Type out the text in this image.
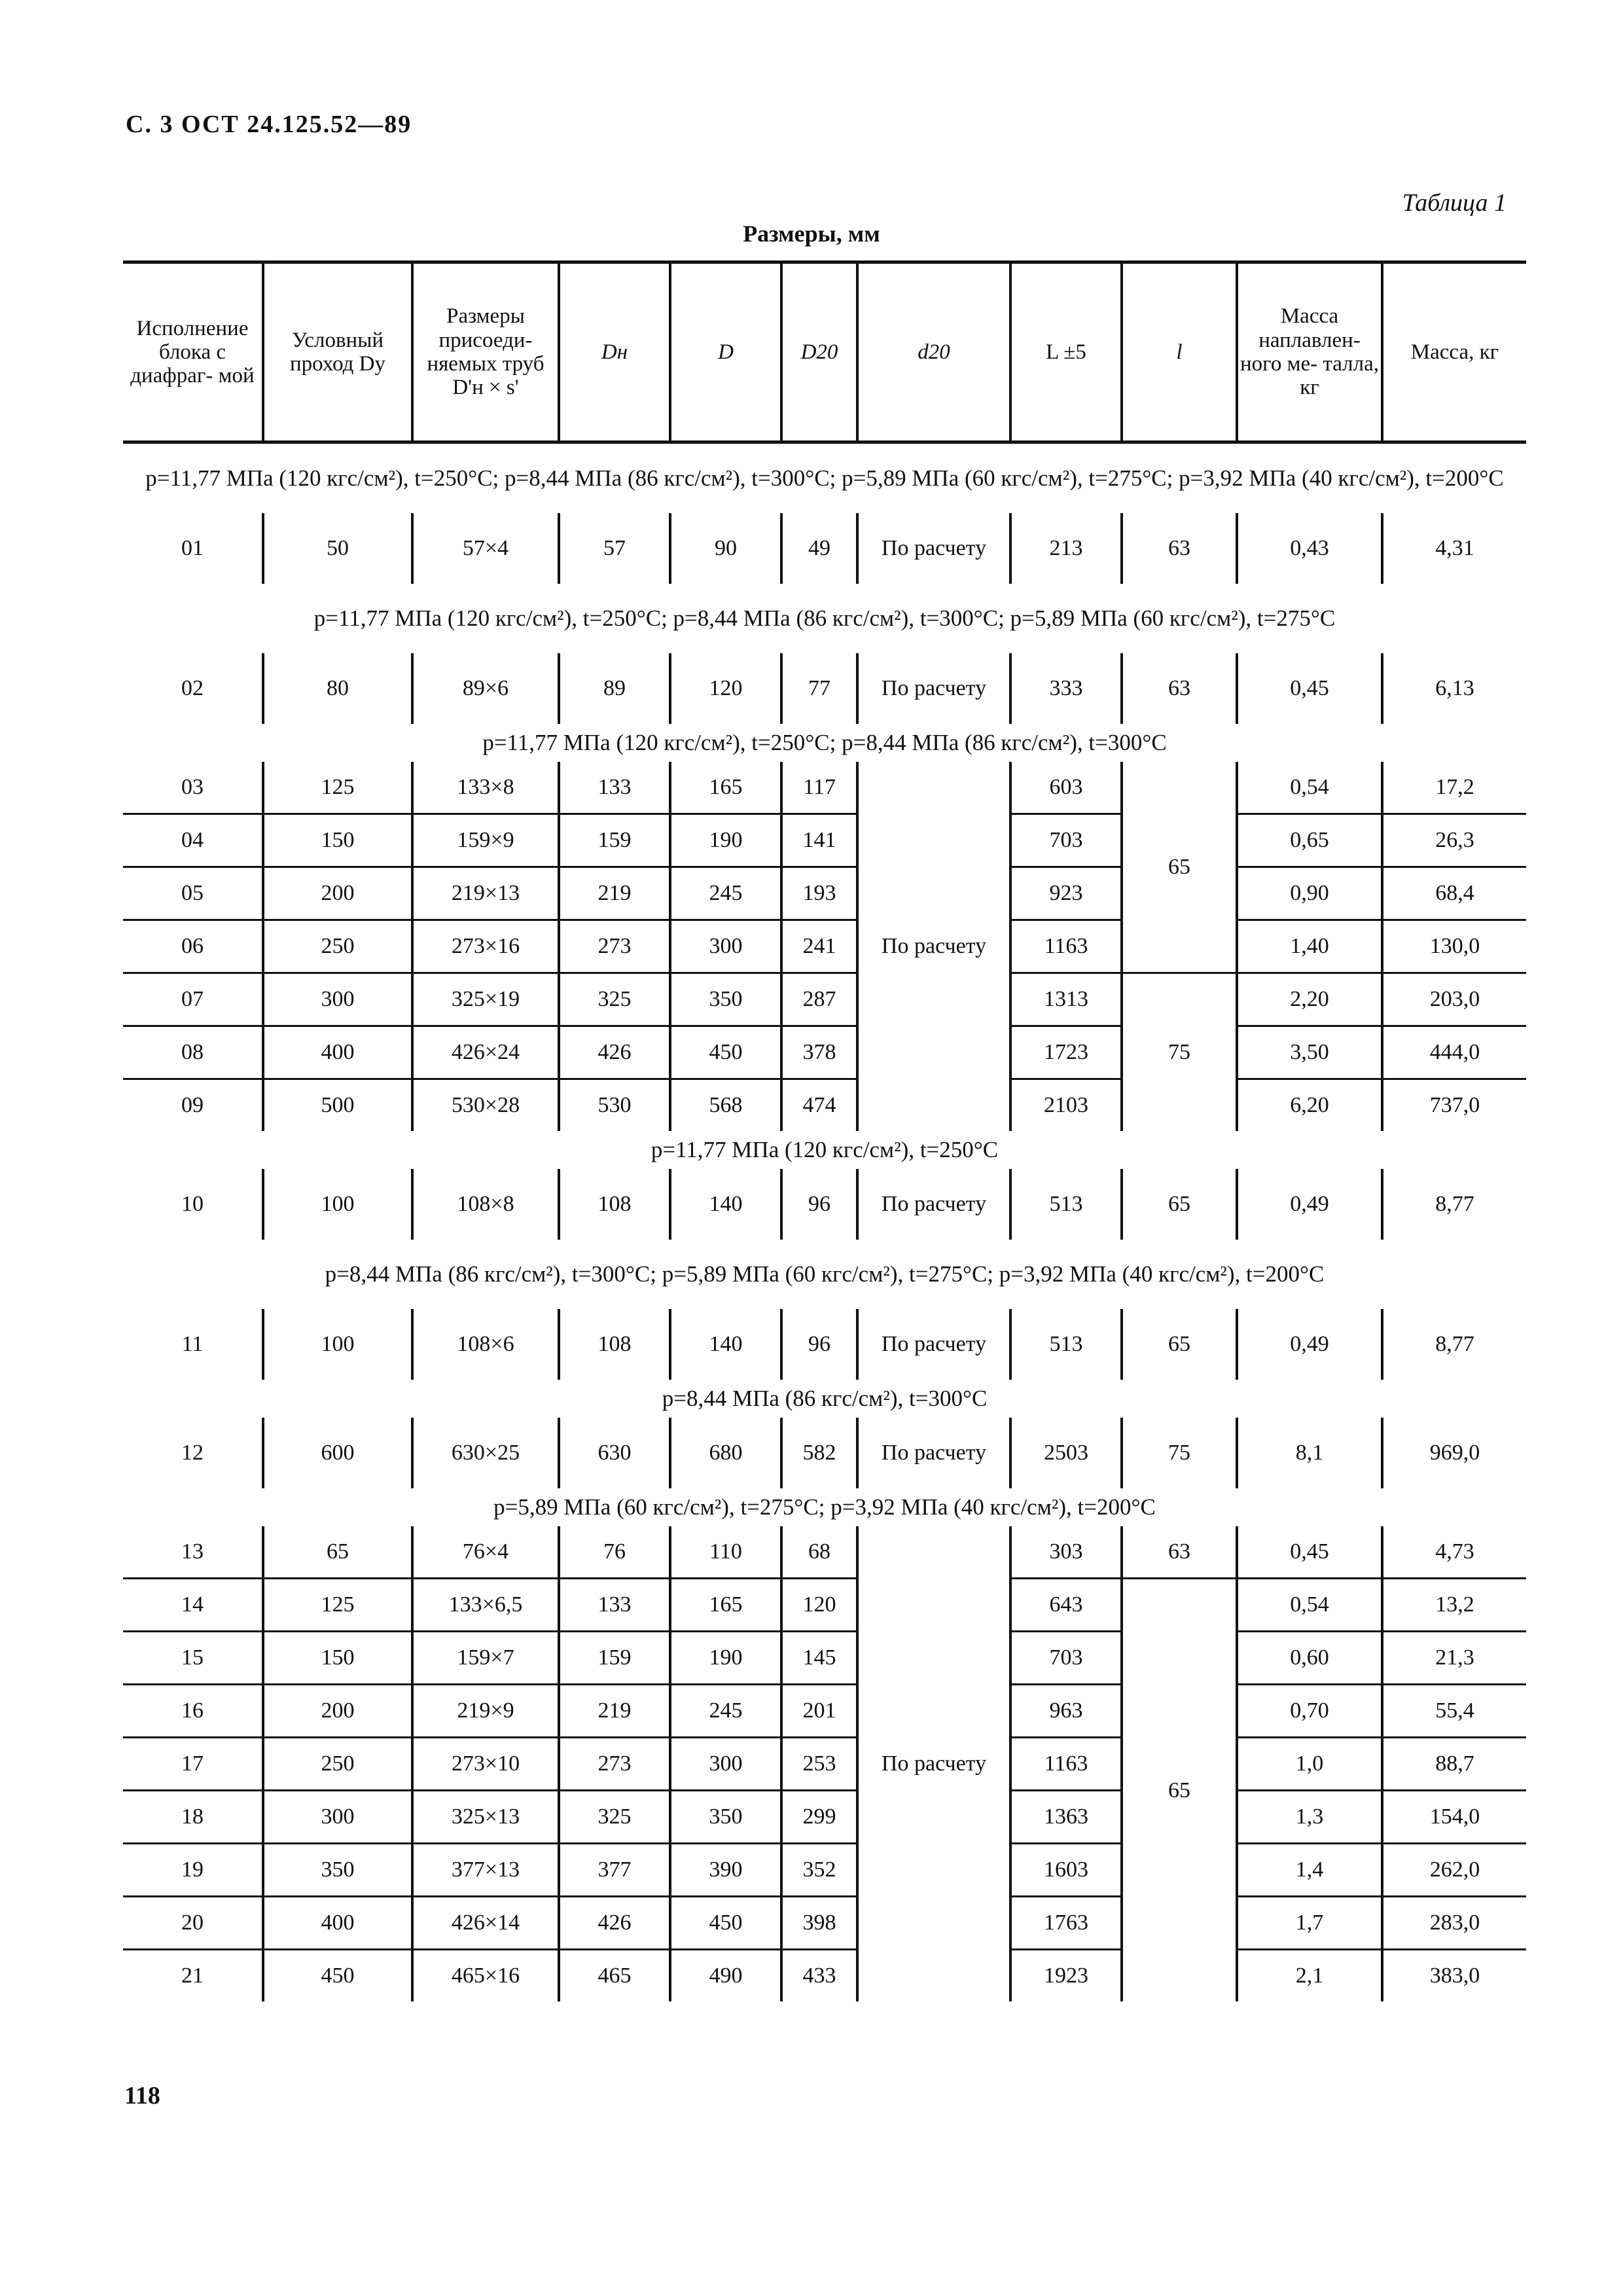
С. 3 ОСТ 24.125.52—89
Таблица 1
Размеры, мм
Исполнение блока с диафраг- мой	Условный проход Dy	Размеры присоеди- няемых труб D'н × s'	Dн	D	D20	d20	L ±5	l	Масса наплавлен- ного ме- талла, кг	Масса, кг
p=11,77 МПа (120 кгс/см²), t=250°C; p=8,44 МПа (86 кгс/см²), t=300°C; p=5,89 МПа (60 кгс/см²), t=275°C; p=3,92 МПа (40 кгс/см²), t=200°C										
01	50	57×4	57	90	49	По расчету	213	63	0,43	4,31
p=11,77 МПа (120 кгс/см²), t=250°C; p=8,44 МПа (86 кгс/см²), t=300°C; p=5,89 МПа (60 кгс/см²), t=275°C										
02	80	89×6	89	120	77	По расчету	333	63	0,45	6,13
p=11,77 МПа (120 кгс/см²), t=250°C; p=8,44 МПа (86 кгс/см²), t=300°C										
03	125	133×8	133	165	117	По расчету	603	65	0,54	17,2
04	150	159×9	159	190	141		703		0,65	26,3
05	200	219×13	219	245	193		923		0,90	68,4
06	250	273×16	273	300	241		1163		1,40	130,0
07	300	325×19	325	350	287		1313	75	2,20	203,0
08	400	426×24	426	450	378		1723		3,50	444,0
09	500	530×28	530	568	474		2103		6,20	737,0
p=11,77 МПа (120 кгс/см²), t=250°C										
10	100	108×8	108	140	96	По расчету	513	65	0,49	8,77
p=8,44 МПа (86 кгс/см²), t=300°C; p=5,89 МПа (60 кгс/см²), t=275°C; p=3,92 МПа (40 кгс/см²), t=200°C										
11	100	108×6	108	140	96	По расчету	513	65	0,49	8,77
p=8,44 МПа (86 кгс/см²), t=300°C										
12	600	630×25	630	680	582	По расчету	2503	75	8,1	969,0
p=5,89 МПа (60 кгс/см²), t=275°C; p=3,92 МПа (40 кгс/см²), t=200°C										
13	65	76×4	76	110	68	По расчету	303	63	0,45	4,73
14	125	133×6,5	133	165	120		643	65	0,54	13,2
15	150	159×7	159	190	145		703		0,60	21,3
16	200	219×9	219	245	201		963		0,70	55,4
17	250	273×10	273	300	253		1163		1,0	88,7
18	300	325×13	325	350	299		1363		1,3	154,0
19	350	377×13	377	390	352		1603		1,4	262,0
20	400	426×14	426	450	398		1763		1,7	283,0
21	450	465×16	465	490	433		1923		2,1	383,0
118
